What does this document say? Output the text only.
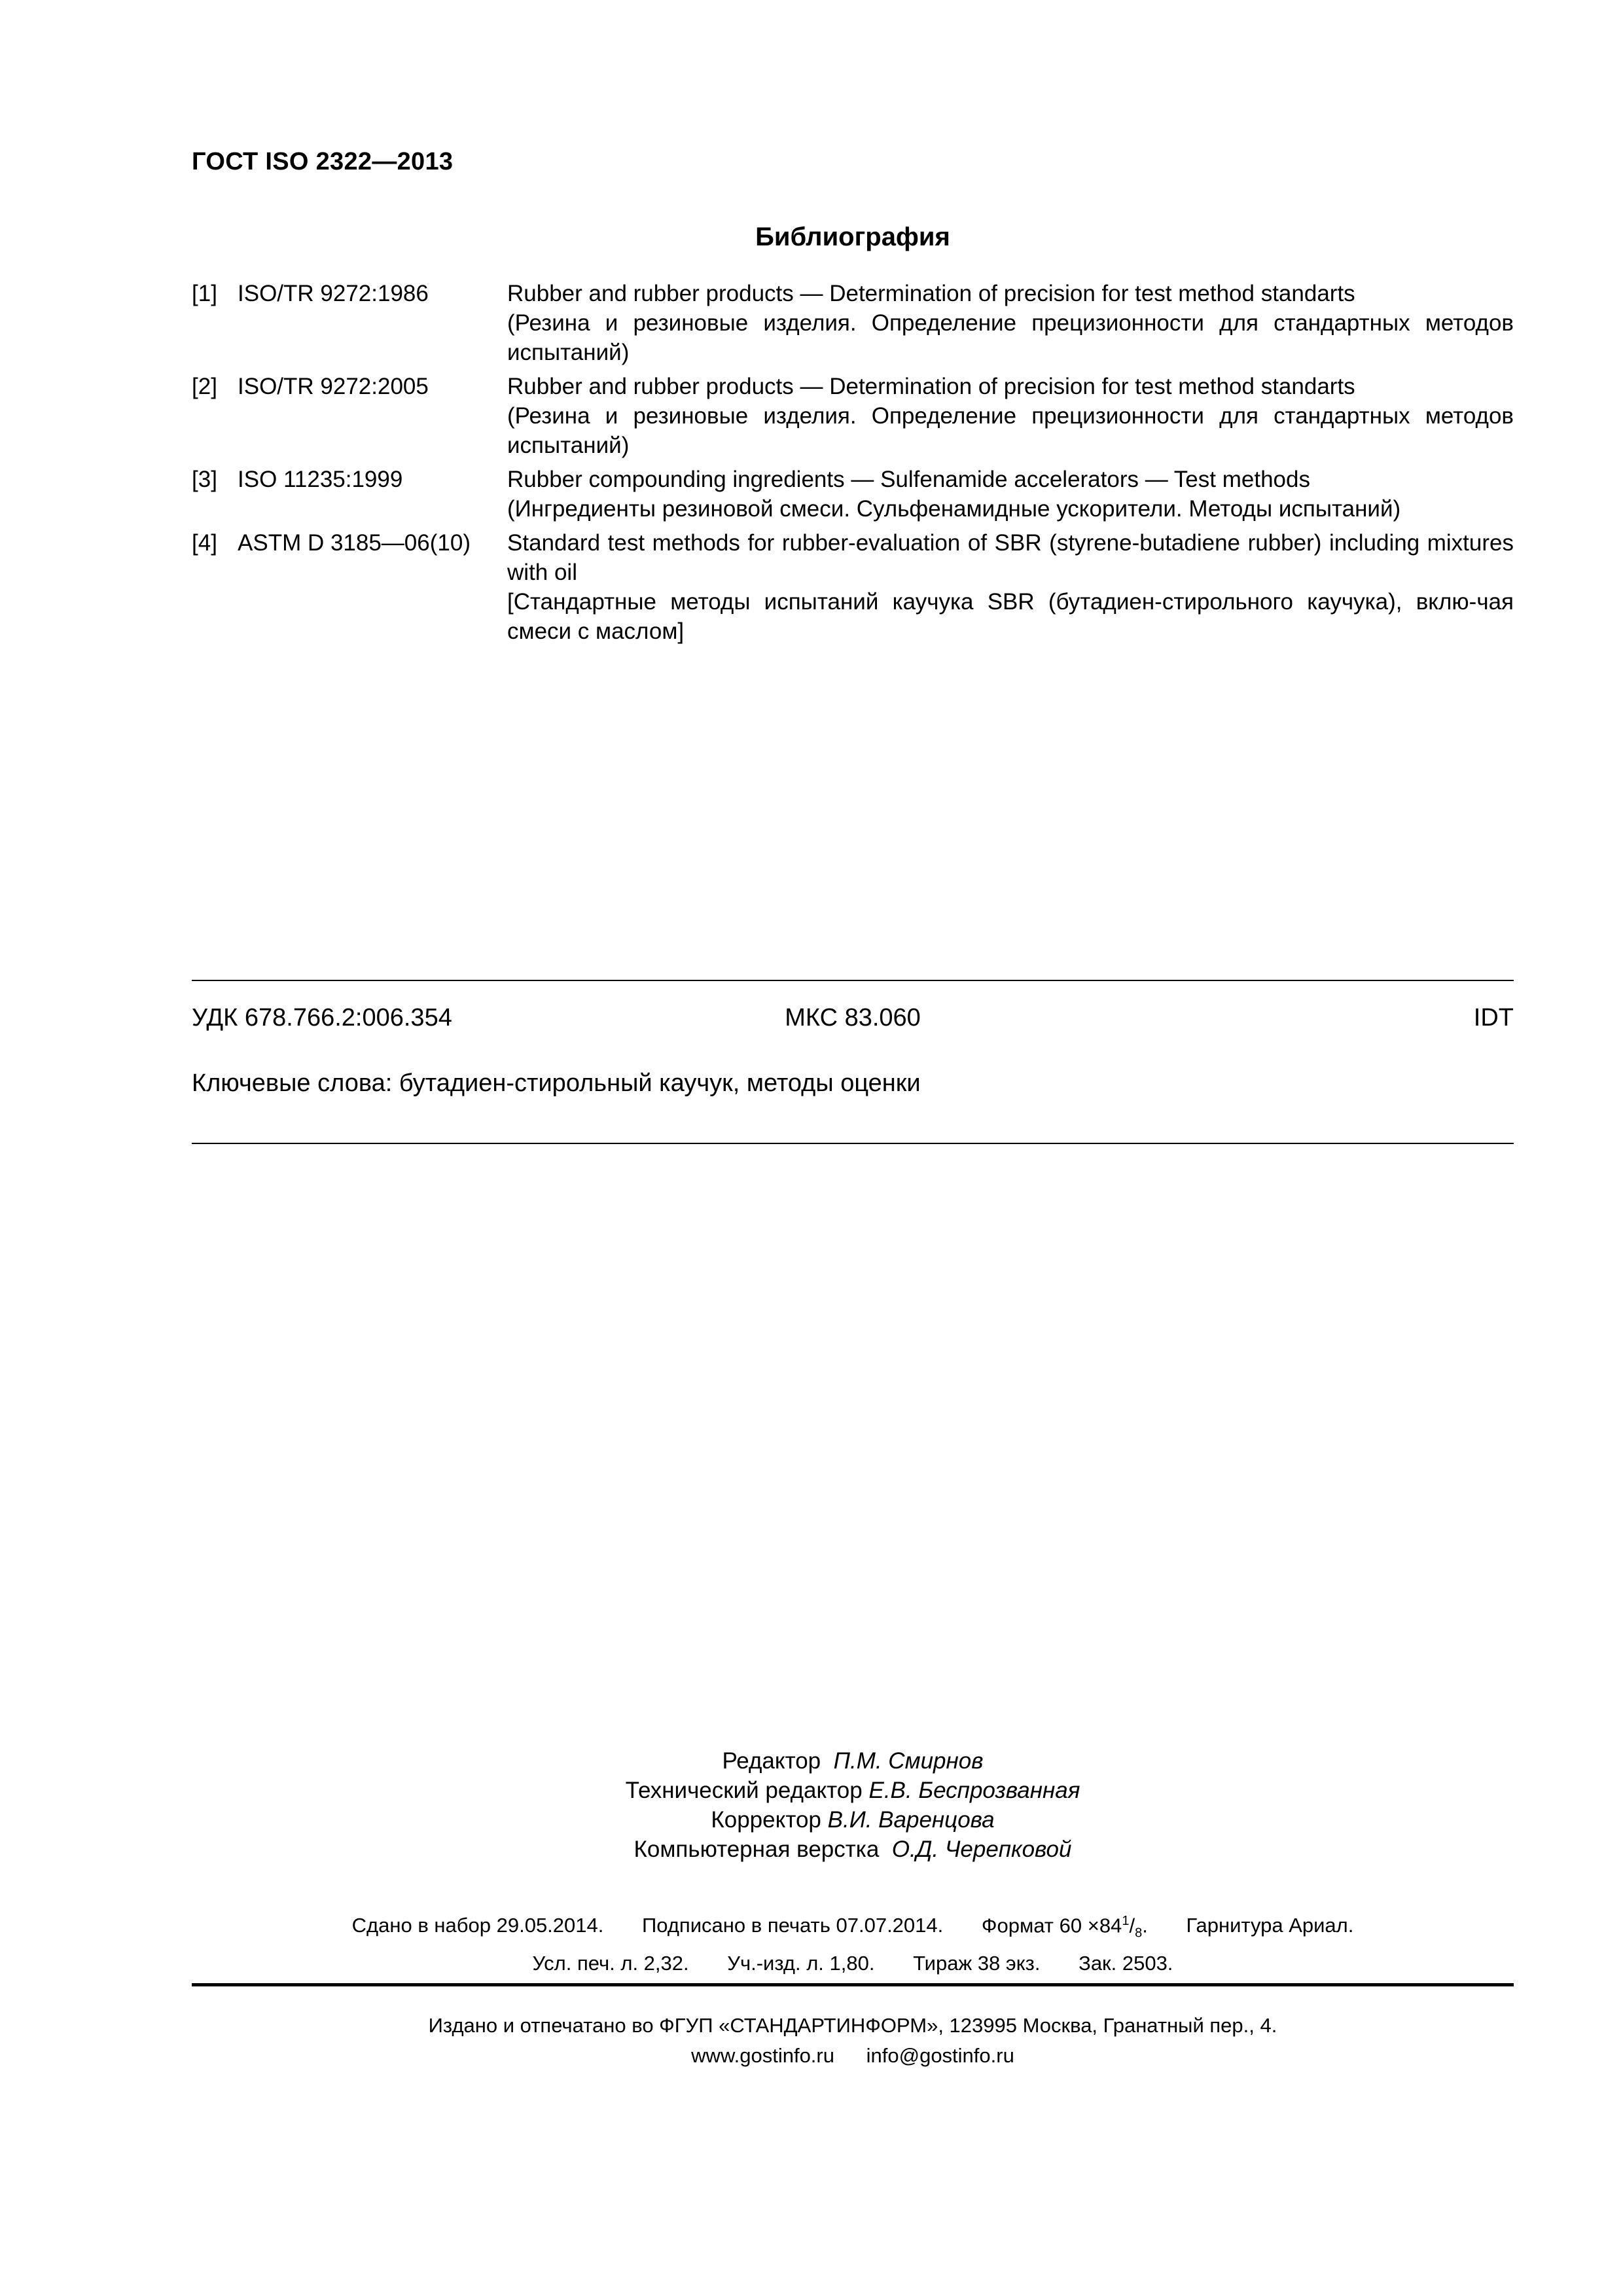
ГОСТ ISO 2322—2013
Библиография
[1] ISO/TR 9272:1986	Rubber and rubber products — Determination of precision for test method standarts

(Резина и резиновые изделия. Определение прецизионности для стандартных методов испытаний)

[2] ISO/TR 9272:2005	Rubber and rubber products — Determination of precision for test method standarts

(Резина и резиновые изделия. Определение прецизионности для стандартных методов испытаний)

[3] ISO 11235:1999	Rubber compounding ingredients — Sulfenamide accelerators — Test methods

(Ингредиенты резиновой смеси. Сульфенамидные ускорители. Методы испытаний)

[4] ASTM D 3185—06(10)	Standard test methods for rubber-evaluation of SBR (styrene-butadiene rubber) including mixtures with oil

[Стандартные методы испытаний каучука SBR (бутадиен-стирольного каучука), вклю-чая смеси с маслом]

УДК 678.766.2:006.354	МКС 83.060	IDT
Ключевые слова: бутадиен-стирольный каучук, методы оценки
Редактор П.М. Смирнов
Технический редактор Е.В. Беспрозванная
Корректор В.И. Варенцова
Компьютерная верстка О.Д. Черепковой
Сдано в набор 29.05.2014. Подписано в печать 07.07.2014. Формат $60 \times 84^1/_8$. Гарнитура Ариал.
Усл. печ. л. 2,32. Уч.-изд. л. 1,80. Тираж 38 экз. Зак. 2503.
Издано и отпечатано во ФГУП «СТАНДАРТИНФОРМ», 123995 Москва, Гранатный пер., 4.
www.gostinfo.ru info@gostinfo.ru
